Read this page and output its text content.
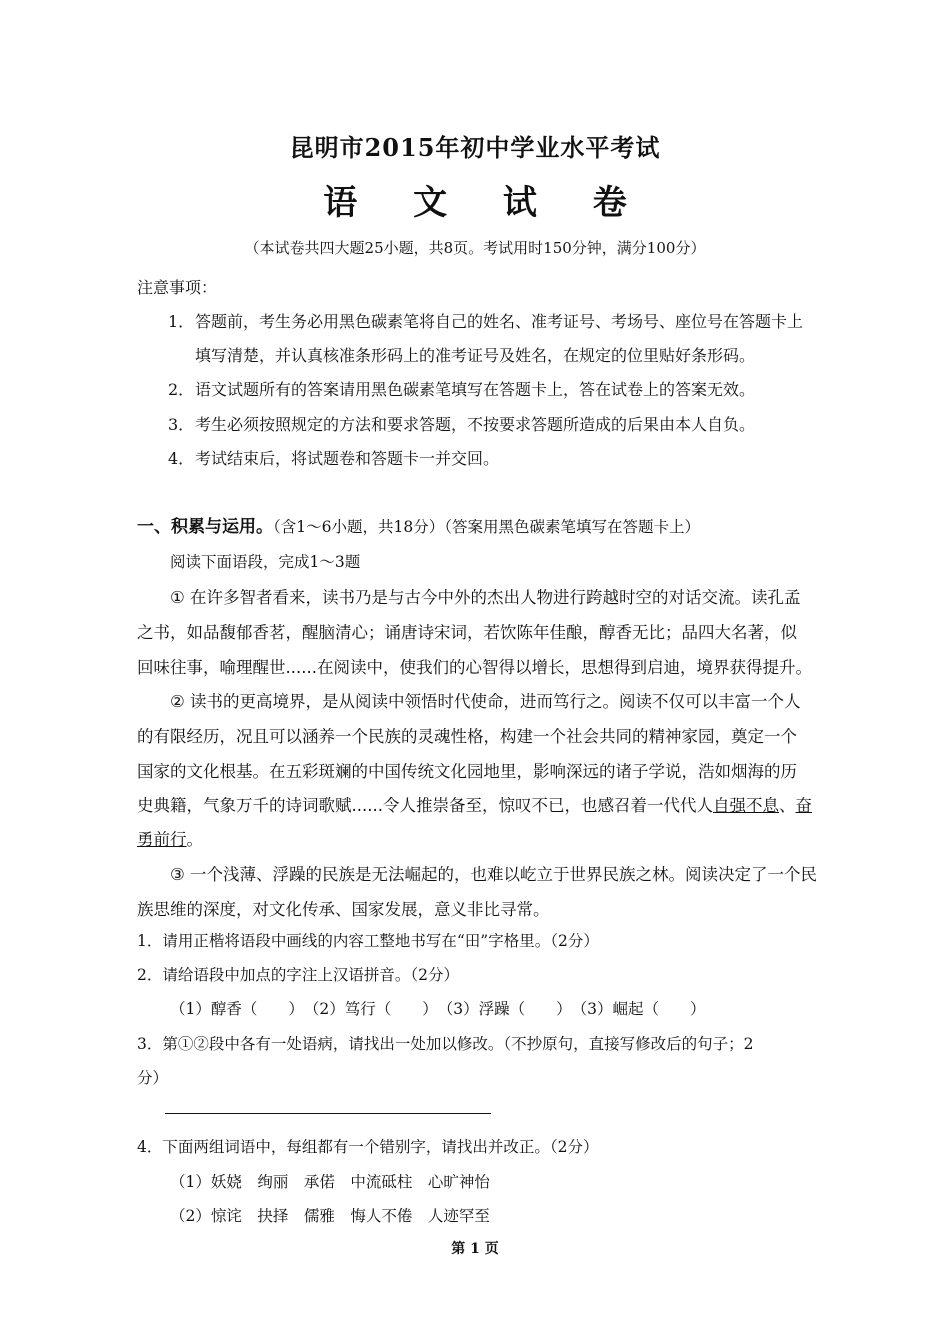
昆明市2015年初中学业水平考试
语 文 试 卷
（本试卷共四大题25小题，共8页。考试用时150分钟，满分100分）
注意事项：
1． 答题前，考生务必用黑色碳素笔将自己的姓名、准考证号、考场号、座位号在答题卡上
填写清楚，并认真核准条形码上的准考证号及姓名，在规定的位里贴好条形码。
2． 语文试题所有的答案请用黑色碳素笔填写在答题卡上，答在试卷上的答案无效。
3． 考生必须按照规定的方法和要求答题，不按要求答题所造成的后果由本人自负。
4． 考试结束后，将试题卷和答题卡一并交回。
一、积累与运用。（含1～6小题，共18分）（答案用黑色碳素笔填写在答题卡上）
阅读下面语段，完成1～3题
① 在许多智者看来，读书乃是与古今中外的杰出人物进行跨越时空的对话交流。读孔孟
之书，如品馥郁香茗，醒脑清心；诵唐诗宋词，若饮陈年佳酿，醇香无比；品四大名著，似
回味往事，喻理醒世......在阅读中，使我们的心智得以增长，思想得到启迪，境界获得提升。
② 读书的更高境界，是从阅读中领悟时代使命，进而笃行之。阅读不仅可以丰富一个人
的有限经历，况且可以涵养一个民族的灵魂性格，构建一个社会共同的精神家园，奠定一个
国家的文化根基。在五彩斑斓的中国传统文化园地里，影响深远的诸子学说，浩如烟海的历
史典籍，气象万千的诗词歌赋......令人推崇备至，惊叹不已，也感召着一代代人自强不息、奋
勇前行。
③ 一个浅薄、浮躁的民族是无法崛起的，也难以屹立于世界民族之林。阅读决定了一个民
族思维的深度，对文化传承、国家发展，意义非比寻常。
1．请用正楷将语段中画线的内容工整地书写在“田”字格里。（2分）
2．请给语段中加点的字注上汉语拼音。（2分）
（1）醇香（　　）　（2）笃行（　　）　（3）浮躁（　　）　（3）崛起（　　）
3．第①②段中各有一处语病，请找出一处加以修改。（不抄原句，直接写修改后的句子；2
分）
4．下面两组词语中，每组都有一个错别字，请找出并改正。（2分）
（1）妖娆　绚丽　承偌　中流砥柱　心旷神怡
（2）惊诧　抉择　儒雅　悔人不倦　人迹罕至
第 1 页
